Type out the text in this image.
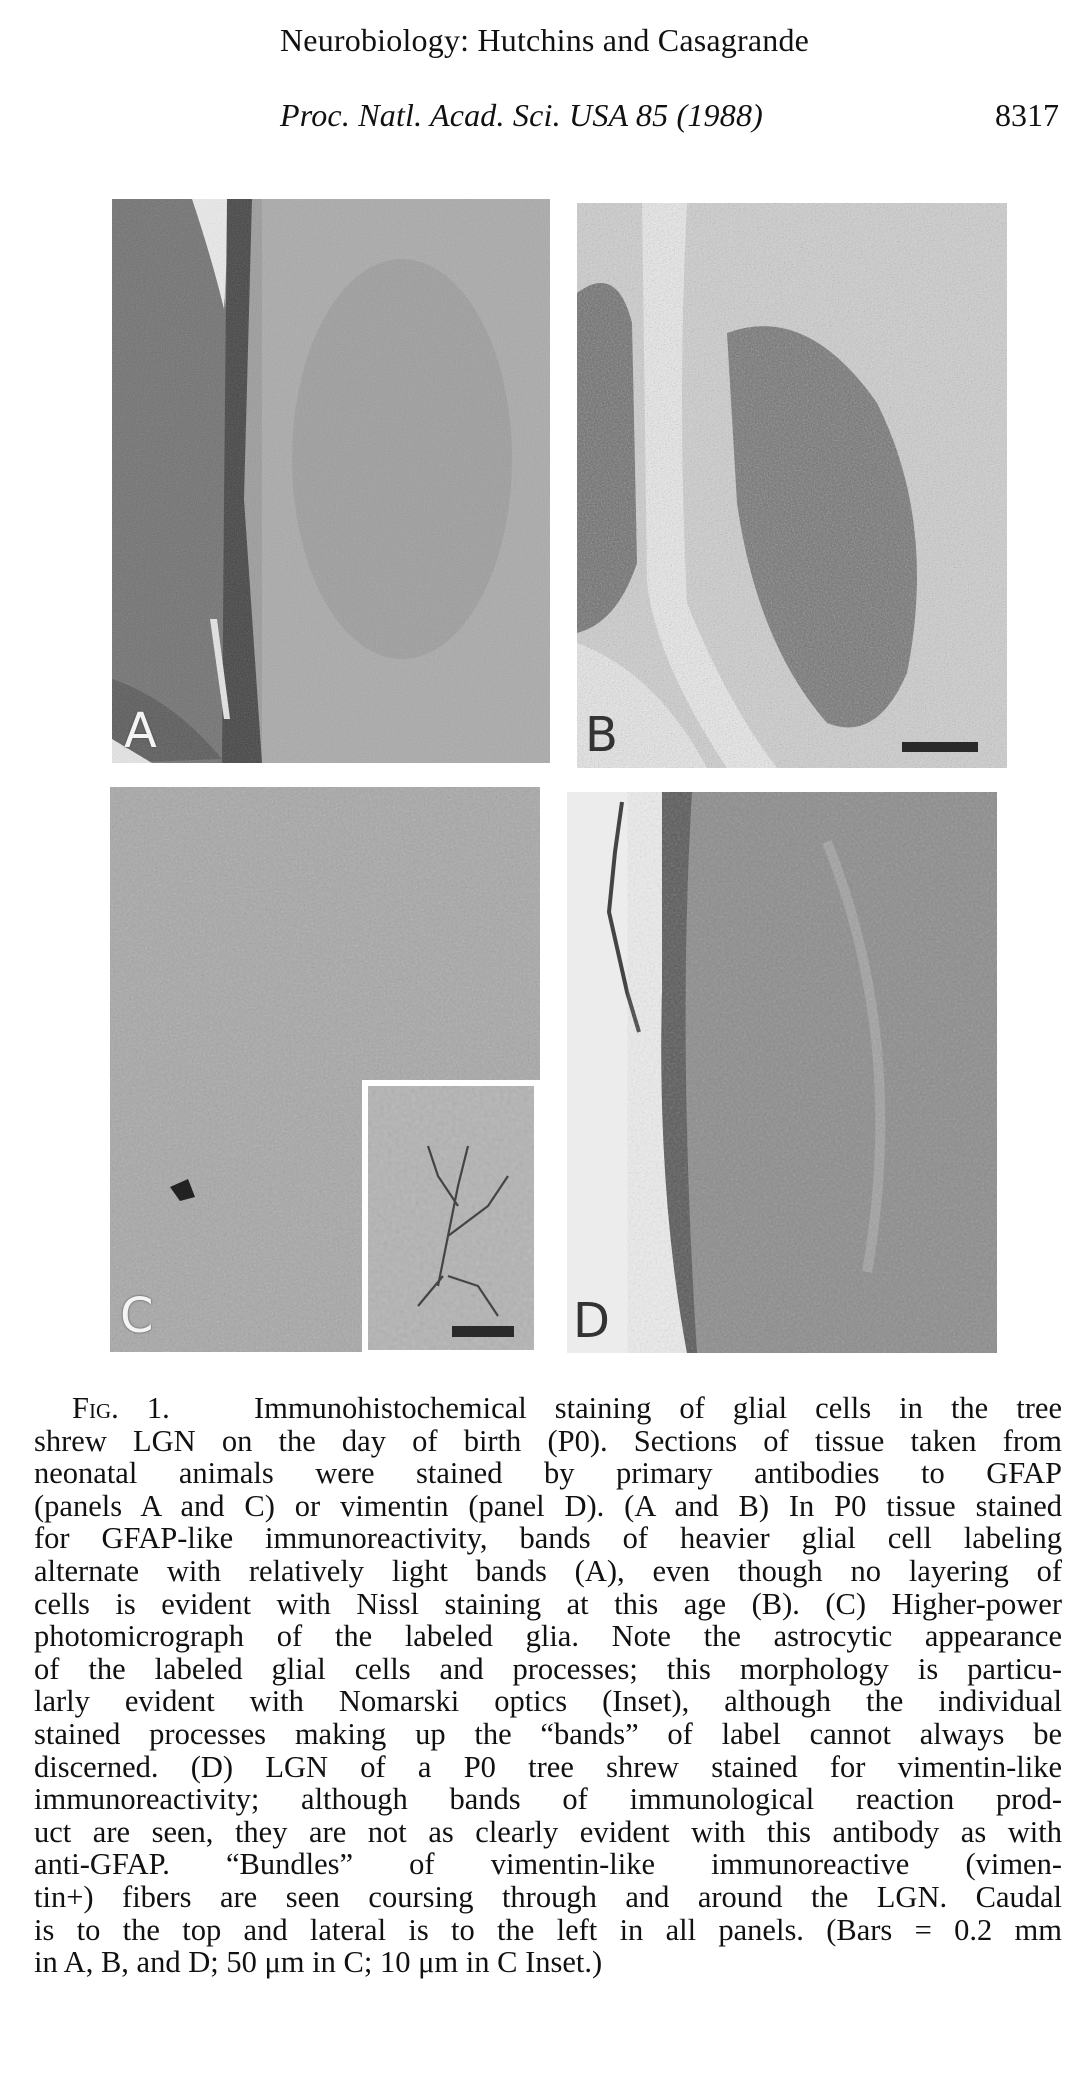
Neurobiology: Hutchins and Casagrande
Proc. Natl. Acad. Sci. USA 85 (1988)	8317
A	B
C	D
Fig. 1.	Immunohistochemical staining of glial cells in the tree
shrew LGN on the day of birth (P0). Sections of tissue taken from
neonatal animals were stained by primary antibodies to GFAP
(panels A and C) or vimentin (panel D). (A and B) In P0 tissue stained
for GFAP-like immunoreactivity, bands of heavier glial cell labeling
alternate with relatively light bands (A), even though no layering of
cells is evident with Nissl staining at this age (B). (C) Higher-power
photomicrograph of the labeled glia. Note the astrocytic appearance
of the labeled glial cells and processes; this morphology is particu-
larly evident with Nomarski optics (Inset), although the individual
stained processes making up the “bands” of label cannot always be
discerned. (D) LGN of a P0 tree shrew stained for vimentin-like
immunoreactivity; although bands of immunological reaction prod-
uct are seen, they are not as clearly evident with this antibody as with
anti-GFAP. “Bundles” of vimentin-like immunoreactive (vimen-
tin+) fibers are seen coursing through and around the LGN. Caudal
is to the top and lateral is to the left in all panels. (Bars = 0.2 mm
in A, B, and D; 50 μm in C; 10 μm in C Inset.)
